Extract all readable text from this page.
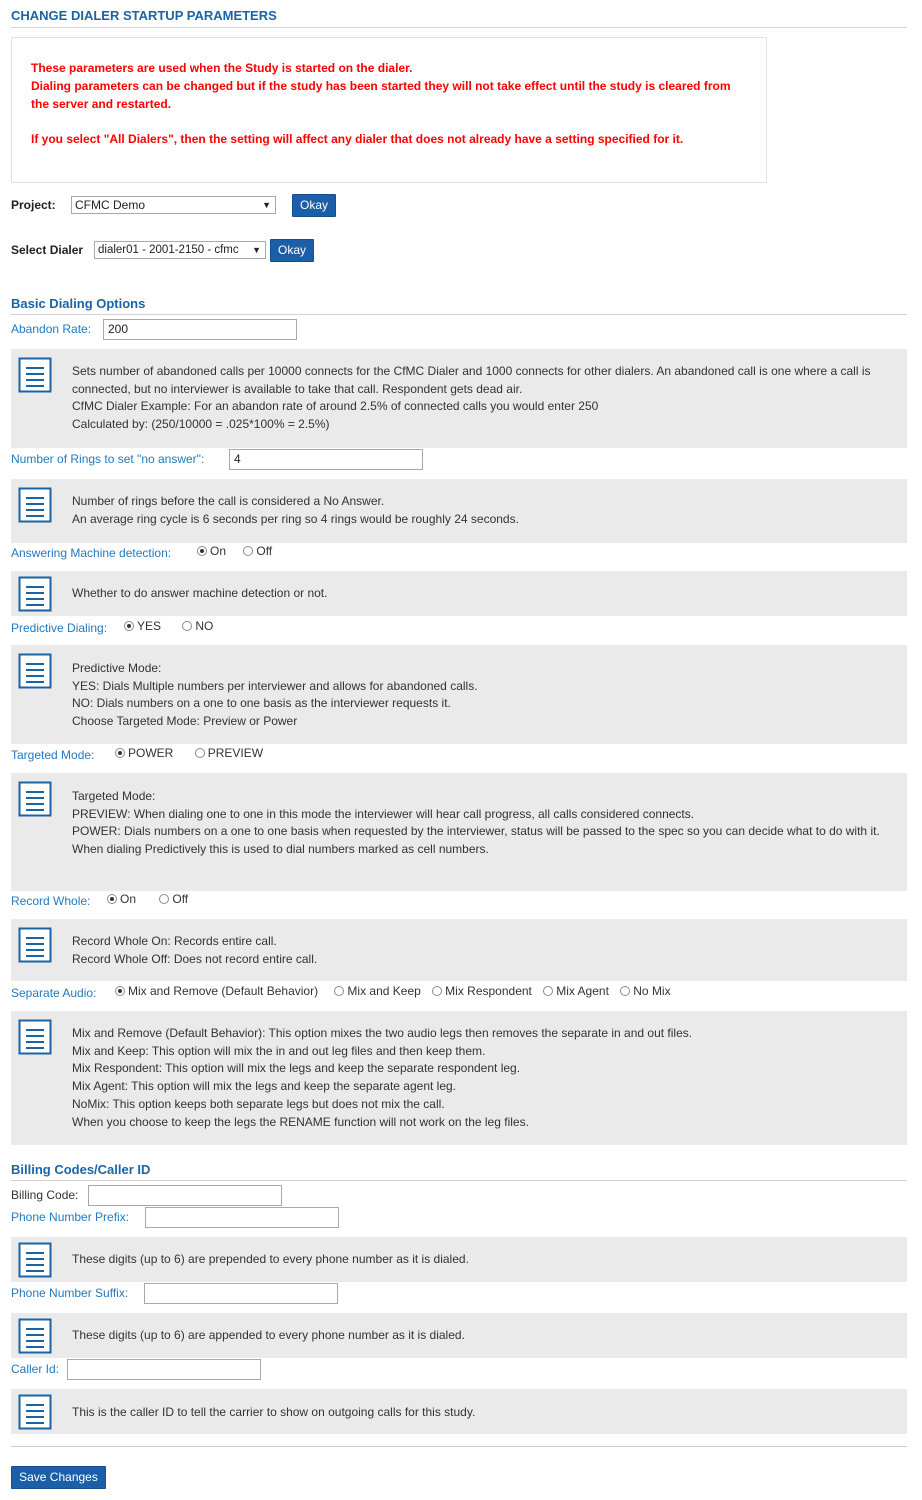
CHANGE DIALER STARTUP PARAMETERS

These parameters are used when the Study is started on the dialer.

Dialing parameters can be changed but if the study has been started they will not take effect until the study is cleared from the server and restarted.

If you select "All Dialers", then the setting will affect any dialer that does not already have a setting specified for it.

Project:	CFMC Demo	▼	Okay
Select Dialer	dialer01 - 2001-2150 - cfmc ▼	Okay
Basic Dialing Options
Abandon Rate:	200
Sets number of abandoned calls per 10000 connects for the CfMC Dialer and 1000 connects for other dialers. An abandoned call is one where a call is connected, but no interviewer is available to take that call. Respondent gets dead air.
CfMC Dialer Example: For an abandon rate of around 2.5% of connected calls you would enter 250
Calculated by: (250/10000 = .025*100% = 2.5%)
Number of Rings to set "no answer":	4
Number of rings before the call is considered a No Answer.
An average ring cycle is 6 seconds per ring so 4 rings would be roughly 24 seconds.
Answering Machine detection:	On	Off
Whether to do answer machine detection or not.
Predictive Dialing:	YES	NO
Predictive Mode:
YES: Dials Multiple numbers per interviewer and allows for abandoned calls.
NO: Dials numbers on a one to one basis as the interviewer requests it.
Choose Targeted Mode: Preview or Power
Targeted Mode:	POWER	PREVIEW
Targeted Mode:
PREVIEW: When dialing one to one in this mode the interviewer will hear call progress, all calls considered connects.
POWER: Dials numbers on a one to one basis when requested by the interviewer, status will be passed to the spec so you can decide what to do with it.
When dialing Predictively this is used to dial numbers marked as cell numbers.
Record Whole:	On	Off
Record Whole On: Records entire call.
Record Whole Off: Does not record entire call.
Separate Audio:	Mix and Remove (Default Behavior) Mix and Keep Mix Respondent Mix Agent No Mix
Mix and Remove (Default Behavior): This option mixes the two audio legs then removes the separate in and out files.
Mix and Keep: This option will mix the in and out leg files and then keep them.
Mix Respondent: This option will mix the legs and keep the separate respondent leg.
Mix Agent: This option will mix the legs and keep the separate agent leg.
NoMix: This option keeps both separate legs but does not mix the call.
When you choose to keep the legs the RENAME function will not work on the leg files.
Billing Codes/Caller ID
Billing Code:
Phone Number Prefix:
These digits (up to 6) are prepended to every phone number as it is dialed.
Phone Number Suffix:
These digits (up to 6) are appended to every phone number as it is dialed.
Caller Id:
This is the caller ID to tell the carrier to show on outgoing calls for this study.
Save Changes
